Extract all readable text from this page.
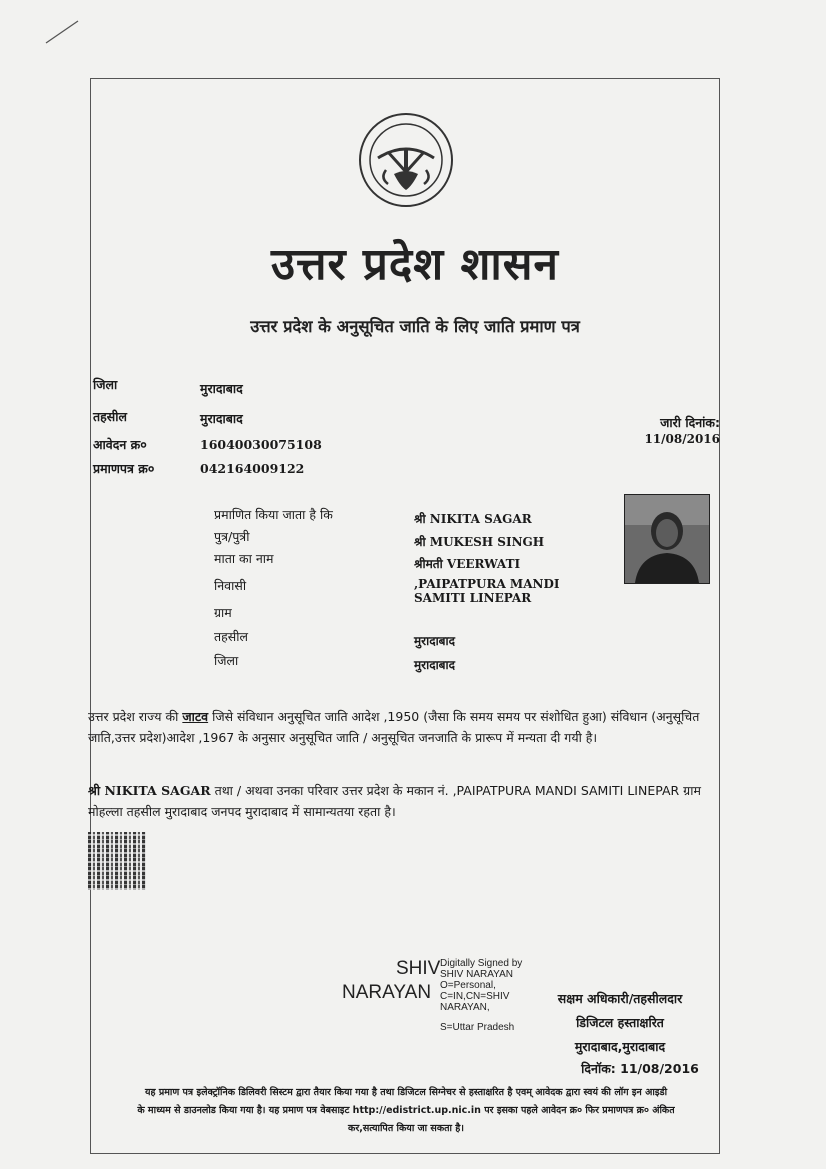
उत्तर प्रदेश शासन
उत्तर प्रदेश के अनुसूचित जाति के लिए जाति प्रमाण पत्र
जिला	मुरादाबाद
तहसील	मुरादाबाद
आवेदन क्र०	16040030075108
प्रमाणपत्र क्र०	042164009122
जारी दिनांक:
11/08/2016
प्रमाणित किया जाता है कि	श्री NIKITA SAGAR
पुत्र/पुत्री	श्री MUKESH SINGH
माता का नाम	श्रीमती VEERWATI
निवासी	,PAIPATPURA MANDI SAMITI LINEPAR
ग्राम
तहसील	मुरादाबाद
जिला	मुरादाबाद
उत्तर प्रदेश राज्य की जाटव जिसे संविधान अनुसूचित जाति आदेश ,1950 (जैसा कि समय समय पर संशोधित हुआ) संविधान (अनुसूचित जाति,उत्तर प्रदेश)आदेश ,1967 के अनुसार अनुसूचित जाति / अनुसूचित जनजाति के प्रारूप में मन्यता दी गयी है।
श्री NIKITA SAGAR तथा / अथवा उनका परिवार उत्तर प्रदेश के मकान नं. ,PAIPATPURA MANDI SAMITI LINEPAR ग्राम मोहल्ला तहसील मुरादाबाद जनपद मुरादाबाद में सामान्यतया रहता है।
SHIV
NARAYAN
Digitally Signed by
SHIV NARAYAN
O=Personal,
C=IN,CN=SHIV
NARAYAN,
S=Uttar Pradesh
सक्षम अधिकारी/तहसीलदार
डिजिटल हस्ताक्षरित
मुरादाबाद,मुरादाबाद
दिनॉक: 11/08/2016
यह प्रमाण पत्र इलेक्ट्रॉनिक डिलिवरी सिस्टम द्वारा तैयार किया गया है तथा डिजिटल सिग्नेचर से हस्ताक्षरित है एवम् आवेदक द्वारा स्वयं की लॉग इन आइडी
के माध्यम से डाउनलोड किया गया है। यह प्रमाण पत्र वेबसाइट http://edistrict.up.nic.in पर इसका पहले आवेदन क्र० फिर प्रमाणपत्र क्र० अंकित
कर,सत्यापित किया जा सकता है।
